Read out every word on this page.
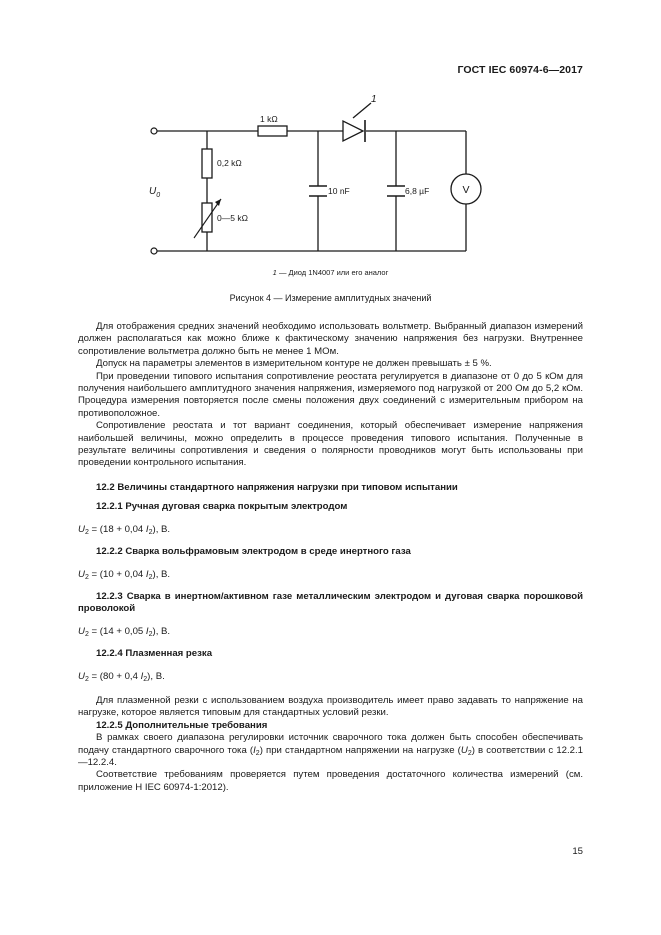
ГОСТ IEC 60974-6—2017
V
1
1 kΩ
0,2 kΩ
0—5 kΩ
$U_0$	10 nF	6,8 µF
1 — Диод 1N4007 или его аналог
Рисунок 4 — Измерение амплитудных значений

Для отображения средних значений необходимо использовать вольтметр. Выбранный диапазон измерений должен располагаться как можно ближе к фактическому значению напряжения без нагрузки. Внутреннее сопротивление вольтметра должно быть не менее 1 МОм.

Допуск на параметры элементов в измерительном контуре не должен превышать ± 5 %.

При проведении типового испытания сопротивление реостата регулируется в диапазоне от 0 до 5 кОм для получения наибольшего амплитудного значения напряжения, измеряемого под нагрузкой от 200 Ом до 5,2 кОм. Процедура измерения повторяется после смены положения двух соединений с измерительным прибором на противоположное.

Сопротивление реостата и тот вариант соединения, который обеспечивает измерение напряжения наибольшей величины, можно определить в процессе проведения типового испытания. Полученные в результате величины сопротивления и сведения о полярности проводников могут быть использованы при проведении контрольного испытания.

12.2 Величины стандартного напряжения нагрузки при типовом испытании

12.2.1 Ручная дуговая сварка покрытым электродом

$U_2 = (18 + 0,04$ $I_2$), В.

12.2.2 Сварка вольфрамовым электродом в среде инертного газа

$U_2 = (10 + 0,04$ $I_2$), В.

12.2.3 Сварка в инертном/активном газе металлическим электродом и дуговая сварка порошковой проволокой

$U_2 = (14 + 0,05$ $I_2$), В.

12.2.4 Плазменная резка

$U_2 = (80 + 0,4$ $I_2$), В.

Для плазменной резки с использованием воздуха производитель имеет право задавать то напряжение на нагрузке, которое является типовым для стандартных условий резки.

12.2.5 Дополнительные требования

В рамках своего диапазона регулировки источник сварочного тока должен быть способен обеспечивать подачу стандартного сварочного тока $(I_2)$ при стандартном напряжении на нагрузке $(U_2)$ в соответствии с 12.2.1—12.2.4.

Соответствие требованиям проверяется путем проведения достаточного количества измерений (см. приложение Н IEC 60974-1:2012).

15
